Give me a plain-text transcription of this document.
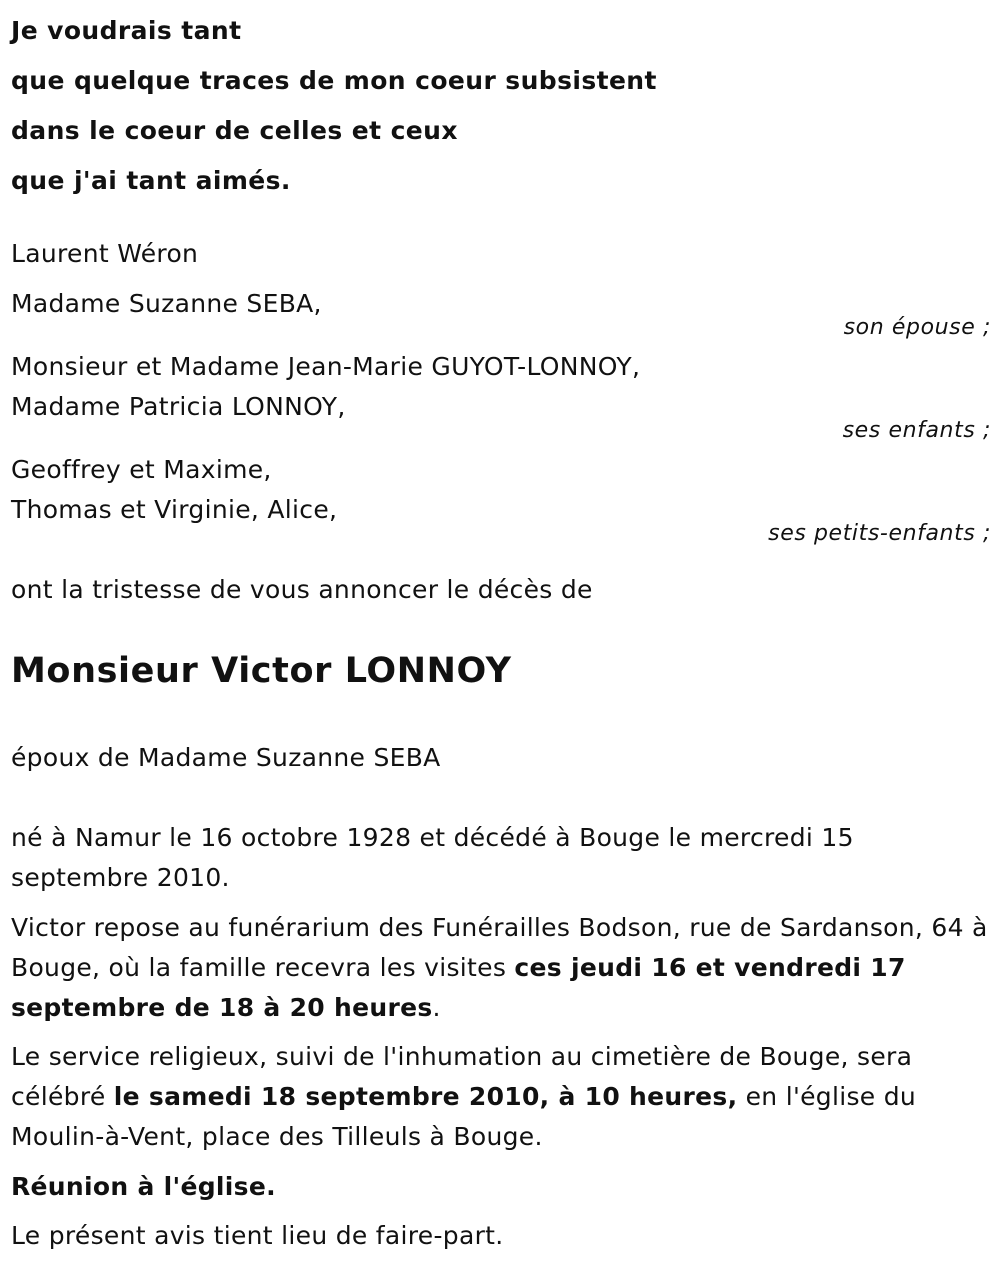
Je voudrais tant
que quelque traces de mon coeur subsistent
dans le coeur de celles et ceux
que j'ai tant aimés.
Laurent Wéron
Madame Suzanne SEBA,
son épouse ;
Monsieur et Madame Jean-Marie GUYOT-LONNOY,
Madame Patricia LONNOY,
ses enfants ;
Geoffrey et Maxime,
Thomas et Virginie, Alice,
ses petits-enfants ;
ont la tristesse de vous annoncer le décès de
Monsieur Victor LONNOY
époux de Madame Suzanne SEBA
né à Namur le 16 octobre 1928 et décédé à Bouge le mercredi 15 septembre 2010.
Victor repose au funérarium des Funérailles Bodson, rue de Sardanson, 64 à Bouge, où la famille recevra les visites ces jeudi 16 et vendredi 17 septembre de 18 à 20 heures.
Le service religieux, suivi de l'inhumation au cimetière de Bouge, sera célébré le samedi 18 septembre 2010, à 10 heures, en l'église du Moulin-à-Vent, place des Tilleuls à Bouge.
Réunion à l'église.
Le présent avis tient lieu de faire-part.
